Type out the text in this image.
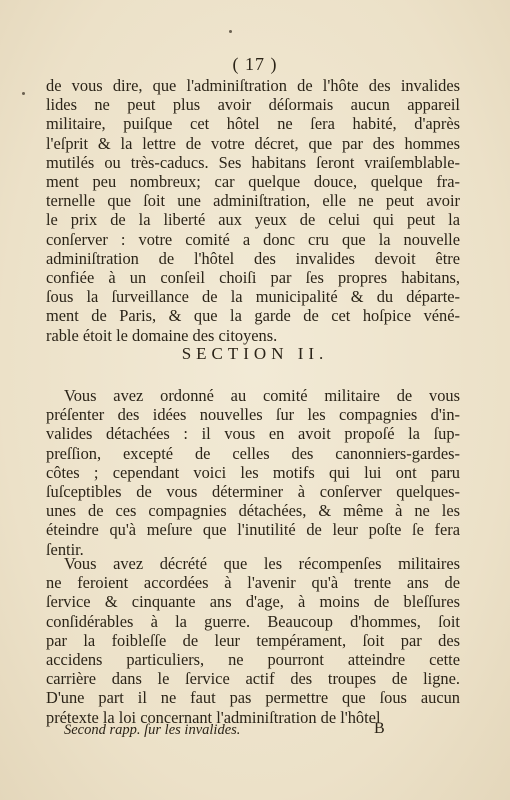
( 17 )
de vous dire, que l'adminiſtration de l'hôte des invalides
lides ne peut plus avoir déſormais aucun appareil
militaire, puiſque cet hôtel ne ſera habité, d'après
l'eſprit & la lettre de votre décret, que par des hommes
mutilés ou très-caducs. Ses habitans ſeront vraiſemblable-
ment peu nombreux; car quelque douce, quelque fra-
ternelle que ſoit une adminiſtration, elle ne peut avoir
le prix de la liberté aux yeux de celui qui peut la
conſerver : votre comité a donc cru que la nouvelle
adminiſtration de l'hôtel des invalides devoit être
confiée à un conſeil choiſi par ſes propres habitans,
ſous la ſurveillance de la municipalité & du départe-
ment de Paris, & que la garde de cet hoſpice véné-
rable étoit le domaine des citoyens.
SECTION II.
Vous avez ordonné au comité militaire de vous
préſenter des idées nouvelles ſur les compagnies d'in-
valides détachées : il vous en avoit propoſé la ſup-
preſſion, excepté de celles des canonniers-gardes-
côtes ; cependant voici les motifs qui lui ont paru
ſuſceptibles de vous déterminer à conſerver quelques-
unes de ces compagnies détachées, & même à ne les
éteindre qu'à meſure que l'inutilité de leur poſte ſe fera
ſentir.
Vous avez décrété que les récompenſes militaires
ne feroient accordées à l'avenir qu'à trente ans de
ſervice & cinquante ans d'age, à moins de bleſſures
conſidérables à la guerre. Beaucoup d'hommes, ſoit
par la foibleſſe de leur tempérament, ſoit par des
accidens particuliers, ne pourront atteindre cette
carrière dans le ſervice actif des troupes de ligne.
D'une part il ne faut pas permettre que ſous aucun
prétexte la loi concernant l'adminiſtration de l'hôtel
Second rapp. ſur les invalides.	B
